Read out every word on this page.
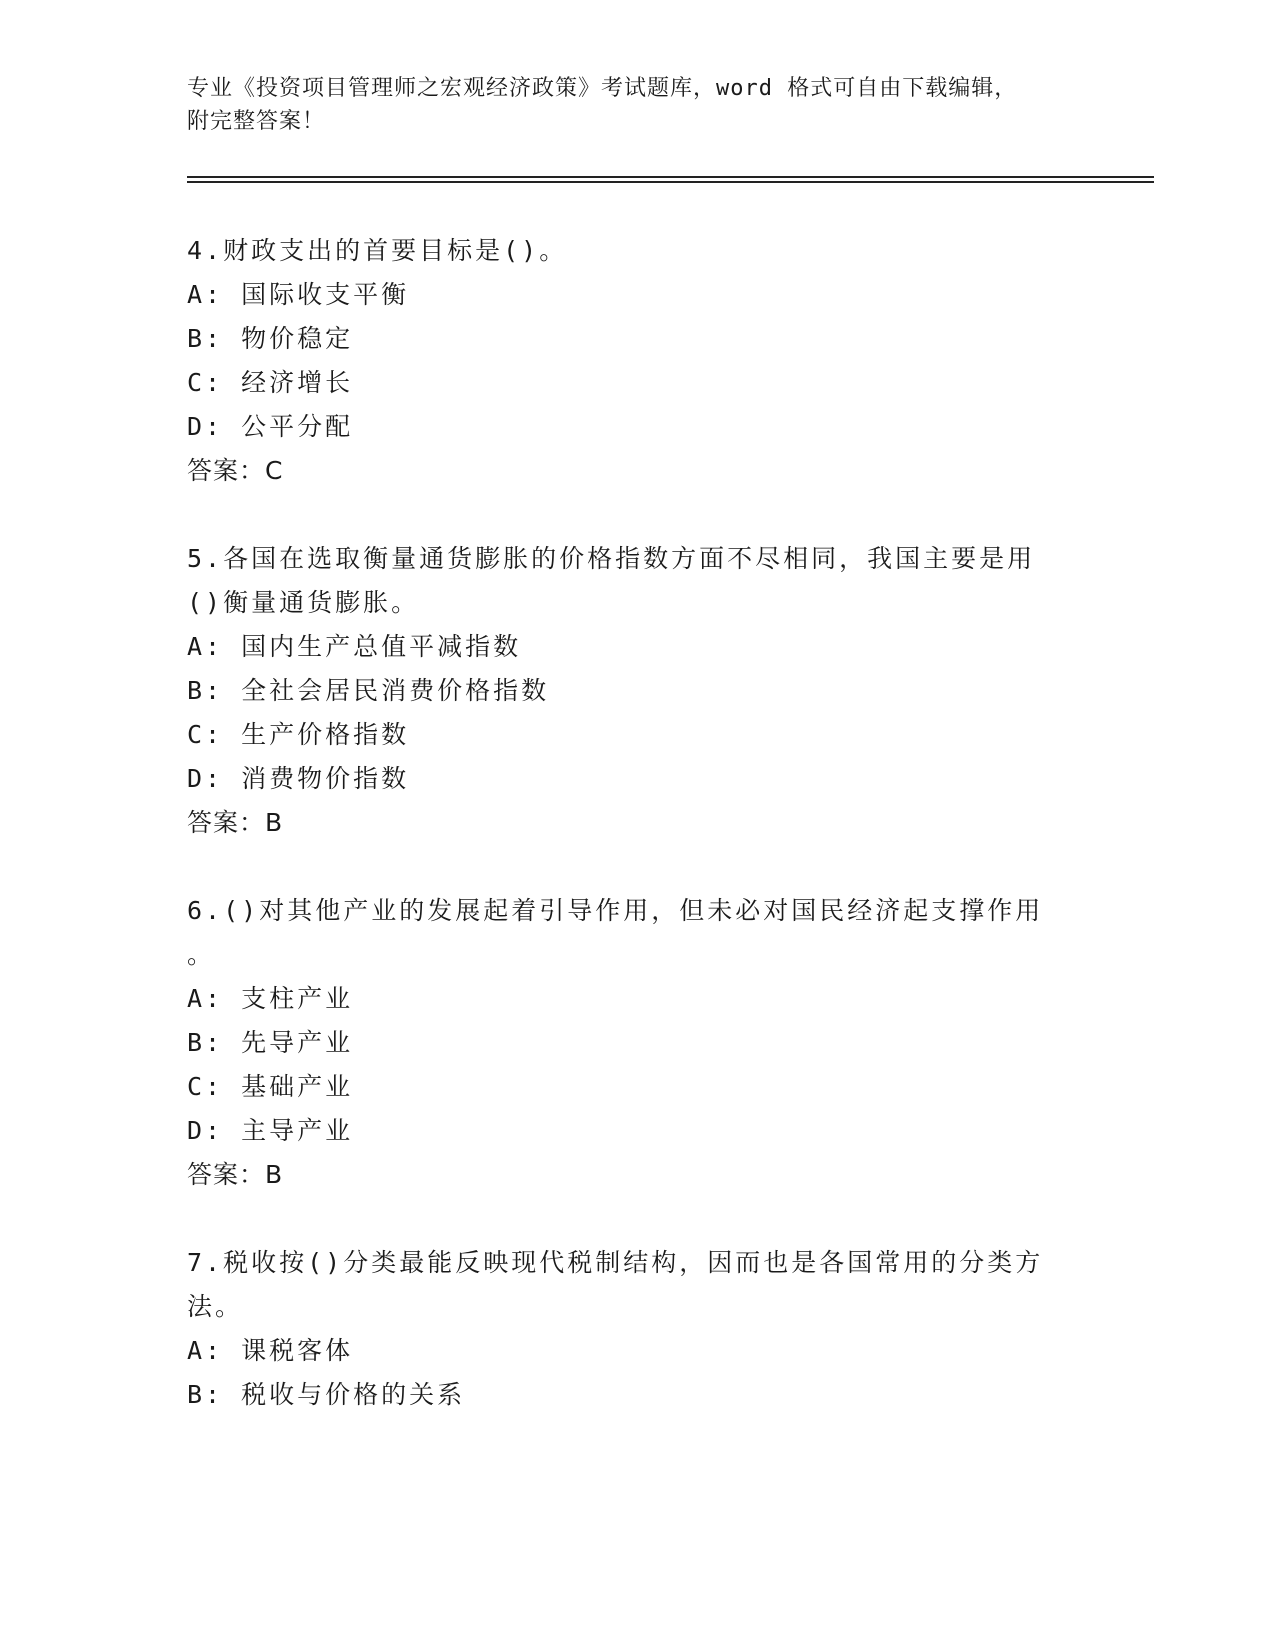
专业《投资项目管理师之宏观经济政策》考试题库，word 格式可自由下载编辑，
附完整答案！
4.财政支出的首要目标是()。
A: 国际收支平衡
B: 物价稳定
C: 经济增长
D: 公平分配
答案：C
5.各国在选取衡量通货膨胀的价格指数方面不尽相同，我国主要是用
()衡量通货膨胀。
A: 国内生产总值平减指数
B: 全社会居民消费价格指数
C: 生产价格指数
D: 消费物价指数
答案：B
6.()对其他产业的发展起着引导作用，但未必对国民经济起支撑作用
。
A: 支柱产业
B: 先导产业
C: 基础产业
D: 主导产业
答案：B
7.税收按()分类最能反映现代税制结构，因而也是各国常用的分类方
法。
A: 课税客体
B: 税收与价格的关系
